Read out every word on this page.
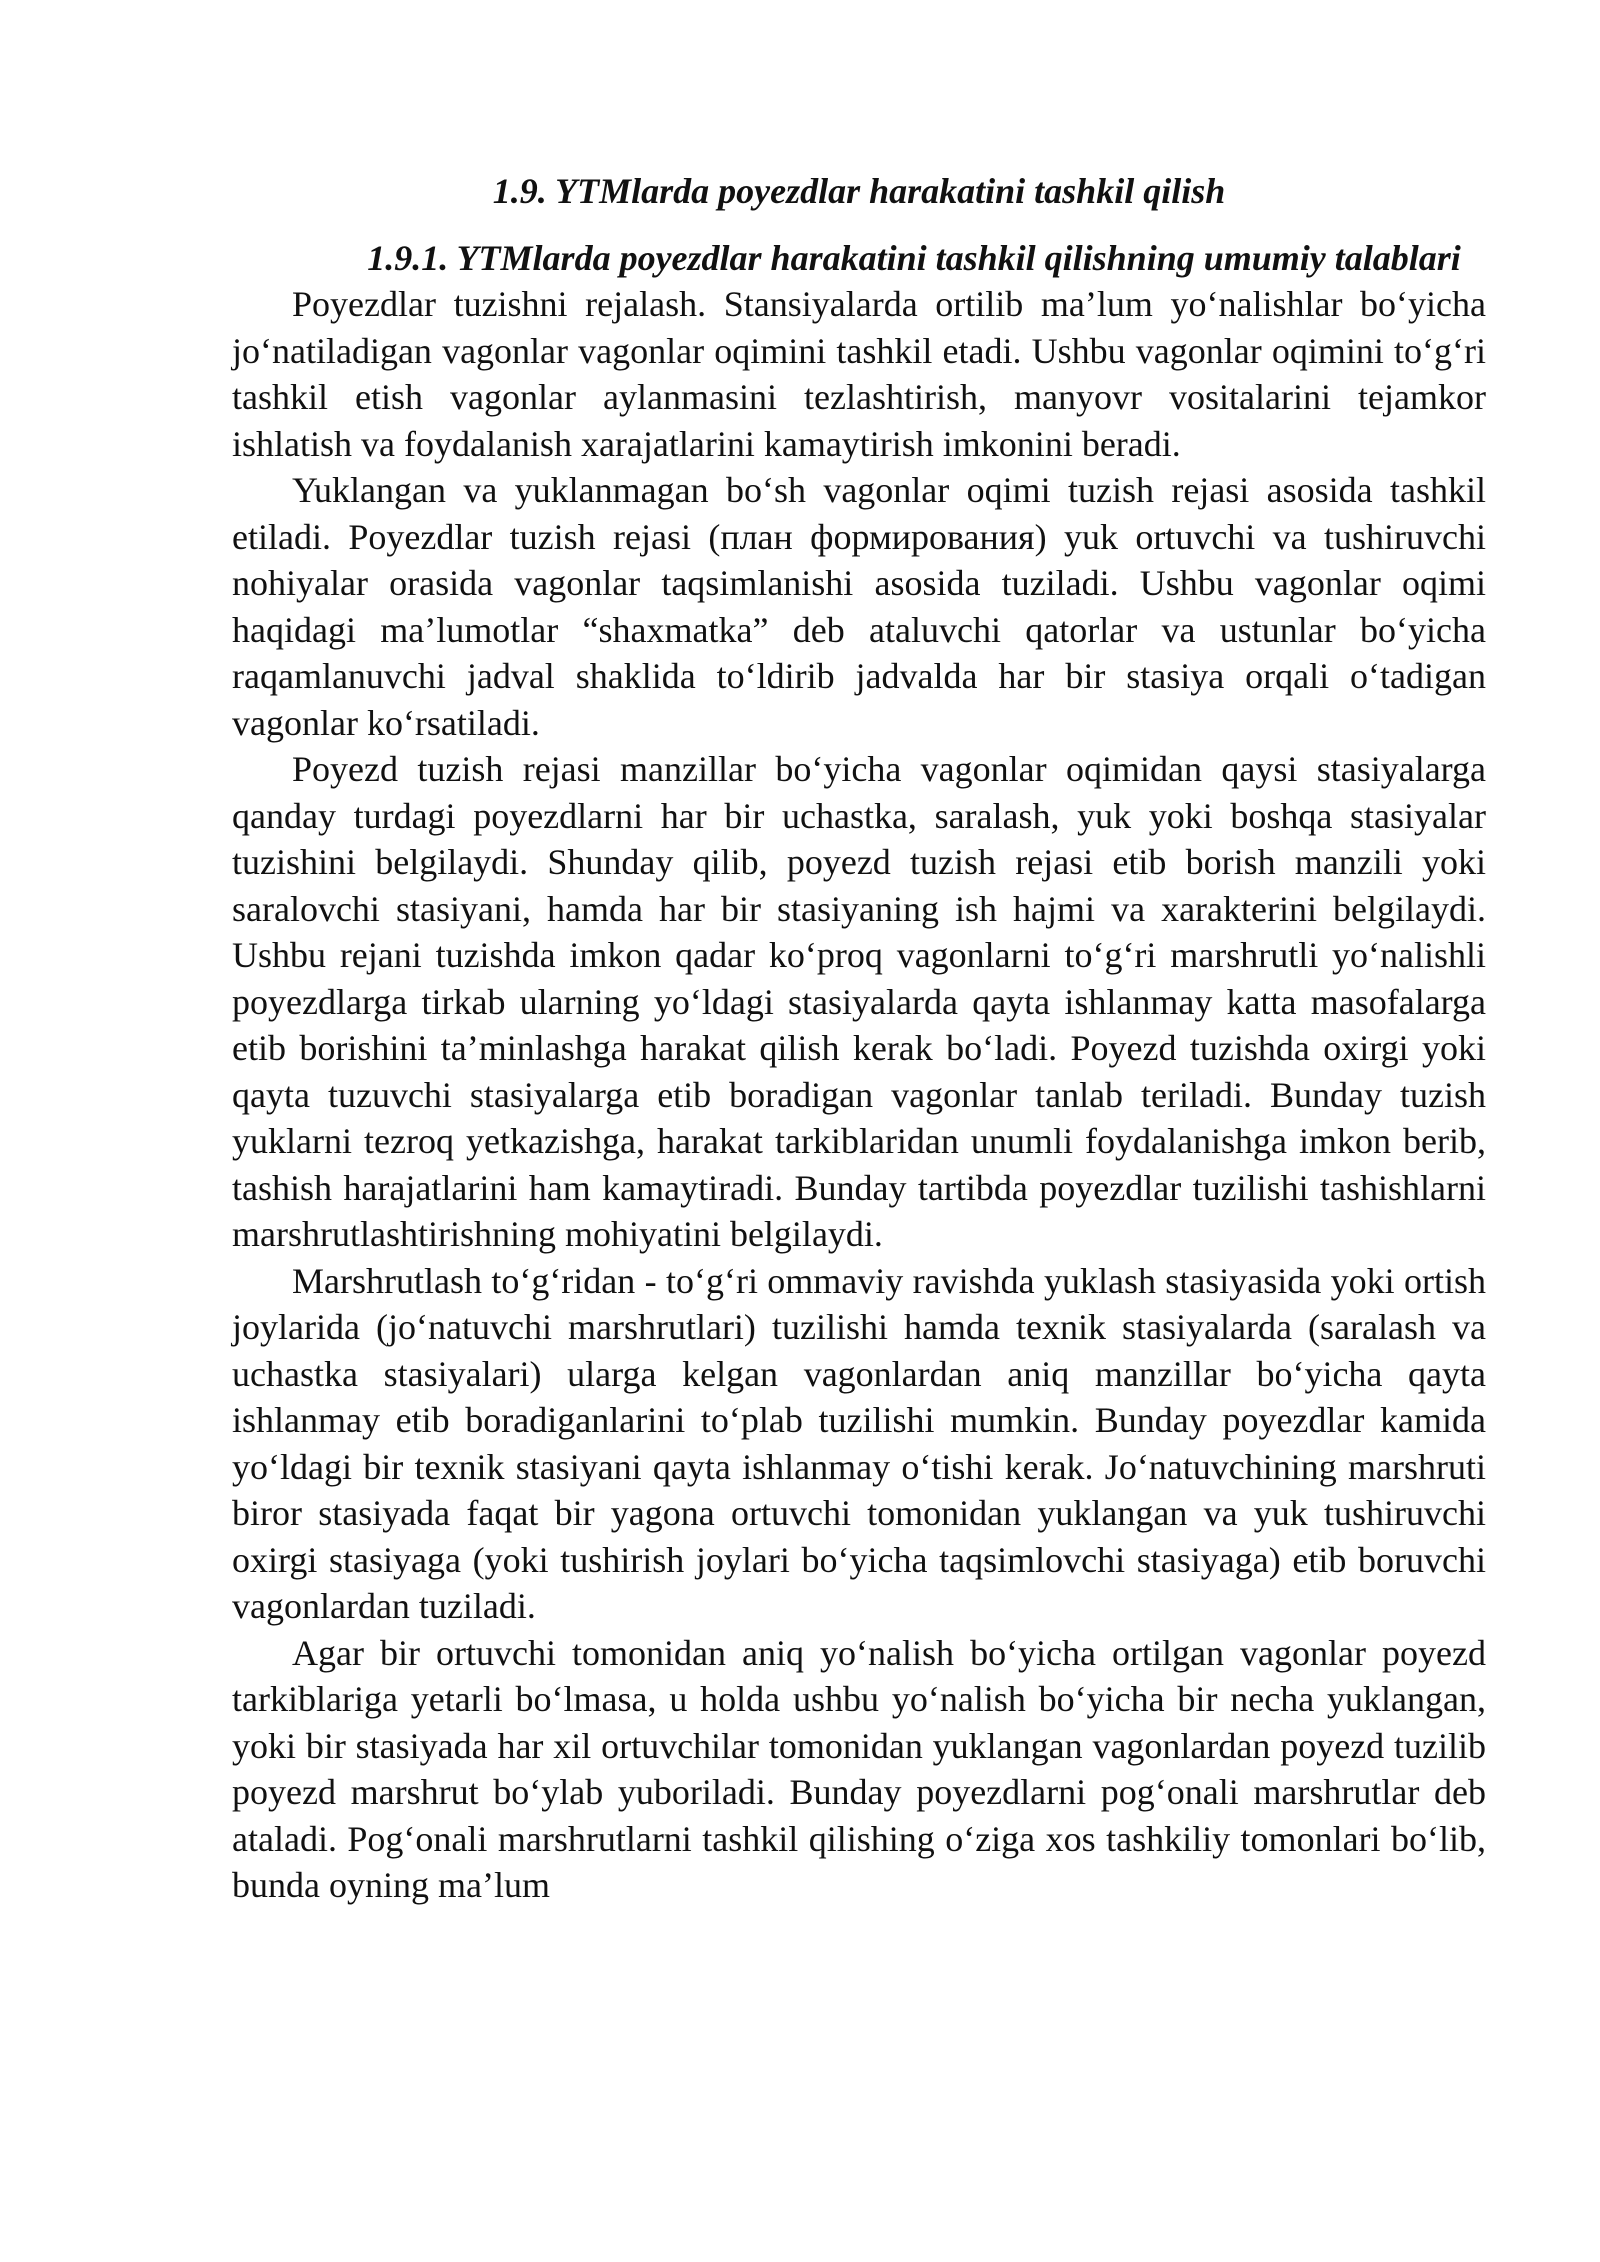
1.9. YTMlarda poyezdlar harakatini tashkil qilish

1.9.1. YTMlarda poyezdlar harakatini tashkil qilishning umumiy talablari

Poyezdlar tuzishni rejalash. Stansiyalarda ortilib ma’lum yo‘nalishlar bo‘yicha jo‘natiladigan vagonlar vagonlar oqimini tashkil etadi. Ushbu vagonlar oqimini to‘g‘ri tashkil etish vagonlar aylanmasini tezlashtirish, manyovr vositalarini tejamkor ishlatish va foydalanish xarajatlarini kamaytirish imkonini beradi.

Yuklangan va yuklanmagan bo‘sh vagonlar oqimi tuzish rejasi asosida tashkil etiladi. Poyezdlar tuzish rejasi (план формирования) yuk ortuvchi va tushiruvchi nohiyalar orasida vagonlar taqsimlanishi asosida tuziladi. Ushbu vagonlar oqimi haqidagi ma’lumotlar “shaxmatka” deb ataluvchi qatorlar va ustunlar bo‘yicha raqamlanuvchi jadval shaklida to‘ldirib jadvalda har bir stasiya orqali o‘tadigan vagonlar ko‘rsatiladi.

Poyezd tuzish rejasi manzillar bo‘yicha vagonlar oqimidan qaysi stasiyalarga qanday turdagi poyezdlarni har bir uchastka, saralash, yuk yoki boshqa stasiyalar tuzishini belgilaydi. Shunday qilib, poyezd tuzish rejasi etib borish manzili yoki saralovchi stasiyani, hamda har bir stasiyaning ish hajmi va xarakterini belgilaydi. Ushbu rejani tuzishda imkon qadar ko‘proq vagonlarni to‘g‘ri marshrutli yo‘nalishli poyezdlarga tirkab ularning yo‘ldagi stasiyalarda qayta ishlanmay katta masofalarga etib borishini ta’minlashga harakat qilish kerak bo‘ladi. Poyezd tuzishda oxirgi yoki qayta tuzuvchi stasiyalarga etib boradigan vagonlar tanlab teriladi. Bunday tuzish yuklarni tezroq yetkazishga, harakat tarkiblaridan unumli foydalanishga imkon berib, tashish harajatlarini ham kamaytiradi. Bunday tartibda poyezdlar tuzilishi tashishlarni marshrutlashtirishning mohiyatini belgilaydi.

Marshrutlash to‘g‘ridan - to‘g‘ri ommaviy ravishda yuklash stasiyasida yoki ortish joylarida (jo‘natuvchi marshrutlari) tuzilishi hamda texnik stasiyalarda (saralash va uchastka stasiyalari) ularga kelgan vagonlardan aniq manzillar bo‘yicha qayta ishlanmay etib boradiganlarini to‘plab tuzilishi mumkin. Bunday poyezdlar kamida yo‘ldagi bir texnik stasiyani qayta ishlanmay o‘tishi kerak. Jo‘natuvchining marshruti biror stasiyada faqat bir yagona ortuvchi tomonidan yuklangan va yuk tushiruvchi oxirgi stasiyaga (yoki tushirish joylari bo‘yicha taqsimlovchi stasiyaga) etib boruvchi vagonlardan tuziladi.

Agar bir ortuvchi tomonidan aniq yo‘nalish bo‘yicha ortilgan vagonlar poyezd tarkiblariga yetarli bo‘lmasa, u holda ushbu yo‘nalish bo‘yicha bir necha yuklangan, yoki bir stasiyada har xil ortuvchilar tomonidan yuklangan vagonlardan poyezd tuzilib poyezd marshrut bo‘ylab yuboriladi. Bunday poyezdlarni pog‘onali marshrutlar deb ataladi. Pog‘onali marshrutlarni tashkil qilishing o‘ziga xos tashkiliy tomonlari bo‘lib, bunda oyning ma’lum
